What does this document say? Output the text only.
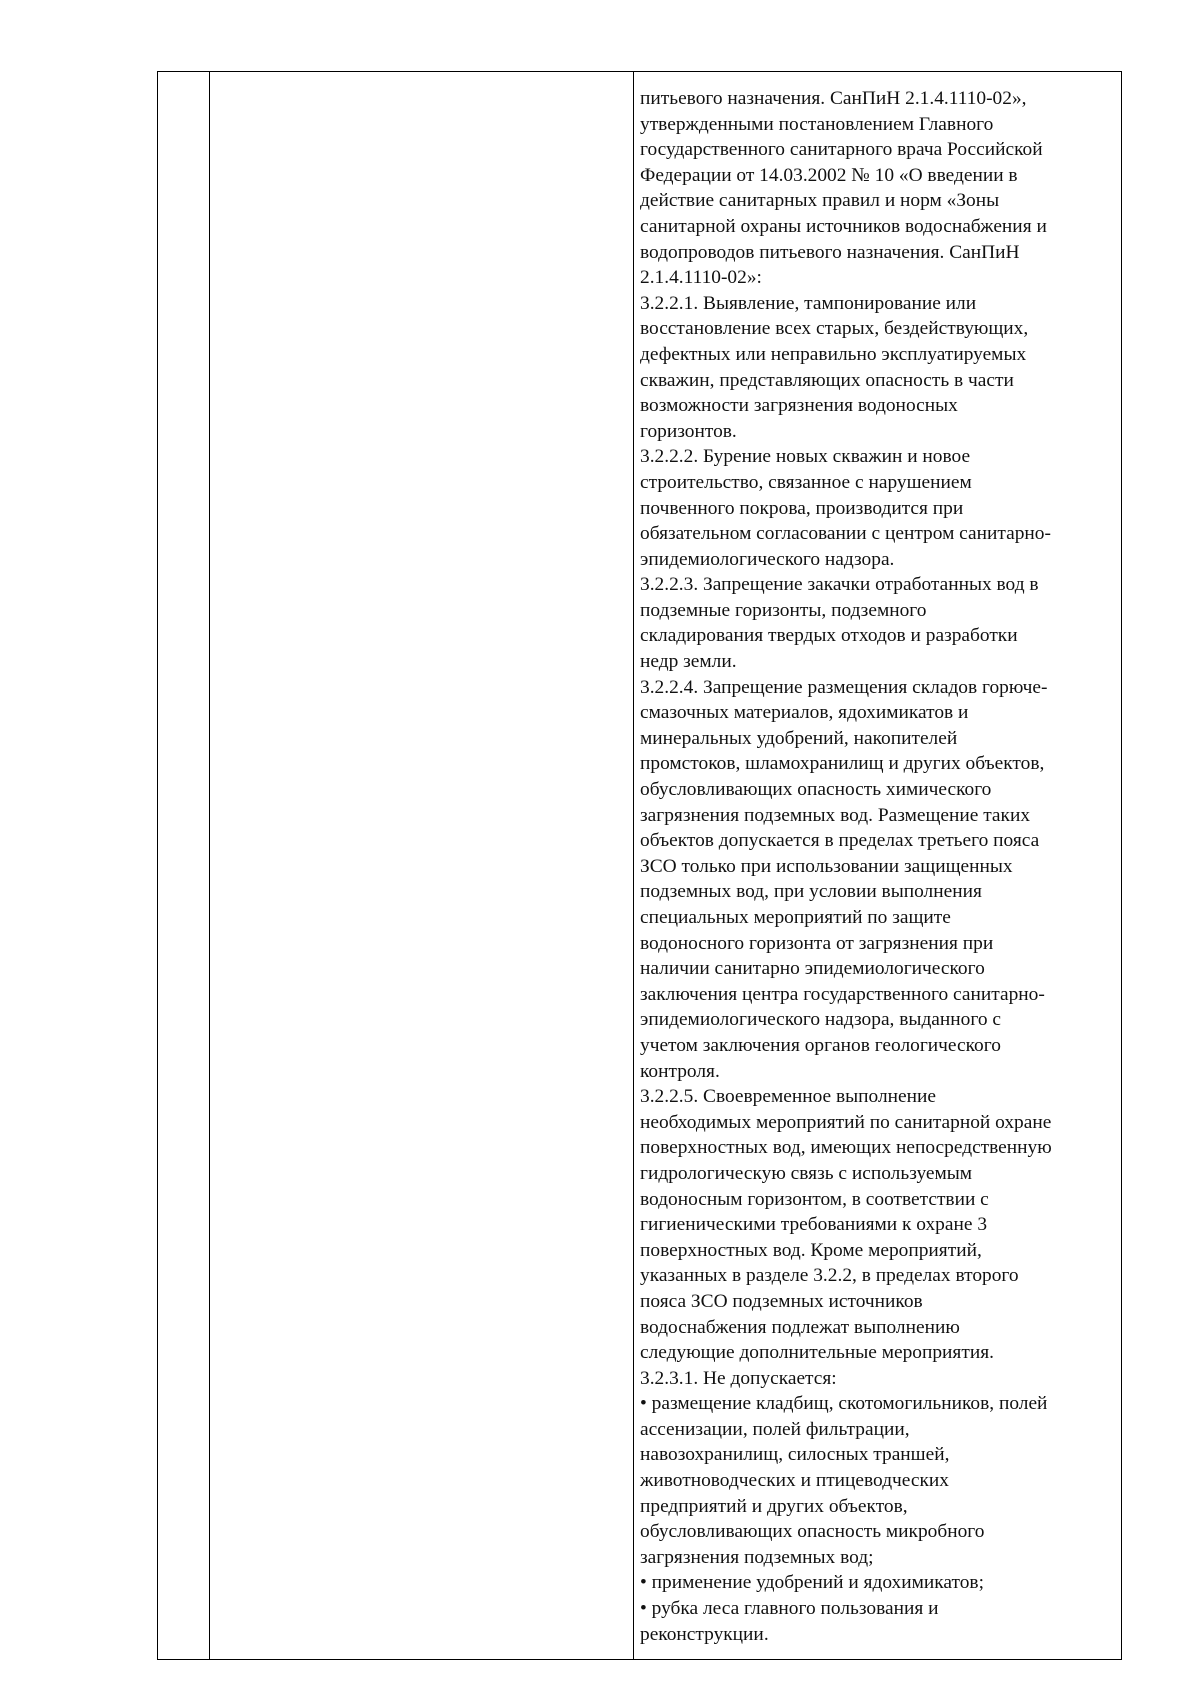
питьевого назначения. СанПиН 2.1.4.1110-02»,
утвержденными постановлением Главного
государственного санитарного врача Российской
Федерации от 14.03.2002 № 10 «О введении в
действие санитарных правил и норм «Зоны
санитарной охраны источников водоснабжения и
водопроводов питьевого назначения. СанПиН
2.1.4.1110-02»:
3.2.2.1. Выявление, тампонирование или
восстановление всех старых, бездействующих,
дефектных или неправильно эксплуатируемых
скважин, представляющих опасность в части
возможности загрязнения водоносных
горизонтов.
3.2.2.2. Бурение новых скважин и новое
строительство, связанное с нарушением
почвенного покрова, производится при
обязательном согласовании с центром санитарно-
эпидемиологического надзора.
3.2.2.3. Запрещение закачки отработанных вод в
подземные горизонты, подземного
складирования твердых отходов и разработки
недр земли.
3.2.2.4. Запрещение размещения складов горюче-
смазочных материалов, ядохимикатов и
минеральных удобрений, накопителей
промстоков, шламохранилищ и других объектов,
обусловливающих опасность химического
загрязнения подземных вод. Размещение таких
объектов допускается в пределах третьего пояса
ЗСО только при использовании защищенных
подземных вод, при условии выполнения
специальных мероприятий по защите
водоносного горизонта от загрязнения при
наличии санитарно эпидемиологического
заключения центра государственного санитарно-
эпидемиологического надзора, выданного с
учетом заключения органов геологического
контроля.
3.2.2.5. Своевременное выполнение
необходимых мероприятий по санитарной охране
поверхностных вод, имеющих непосредственную
гидрологическую связь с используемым
водоносным горизонтом, в соответствии с
гигиеническими требованиями к охране 3
поверхностных вод. Кроме мероприятий,
указанных в разделе 3.2.2, в пределах второго
пояса ЗСО подземных источников
водоснабжения подлежат выполнению
следующие дополнительные мероприятия.
3.2.3.1. Не допускается:
• размещение кладбищ, скотомогильников, полей
ассенизации, полей фильтрации,
навозохранилищ, силосных траншей,
животноводческих и птицеводческих
предприятий и других объектов,
обусловливающих опасность микробного
загрязнения подземных вод;
• применение удобрений и ядохимикатов;
• рубка леса главного пользования и
реконструкции.
